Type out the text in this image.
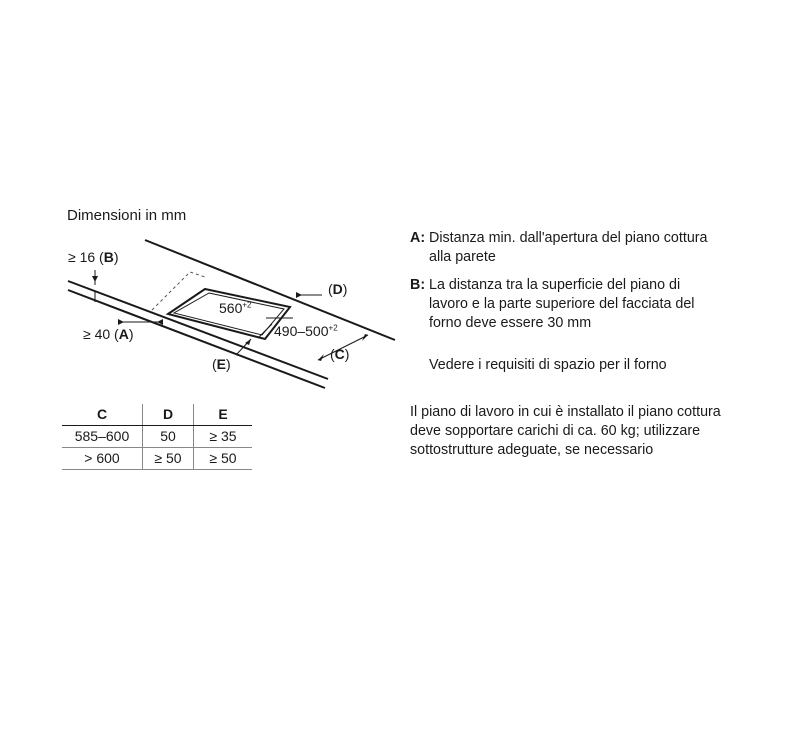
Dimensioni in mm
≥ 16 (B)
≥ 40 (A)
(D)
(C)
(E)
$560^{+2}$
$490-500^{+2}$
C	D	E
585–600	50	≥ 35
> 600	≥ 50	≥ 50
A: Distanza min. dall'apertura del piano cottura alla parete
B: La distanza tra la superficie del piano di lavoro e la parte superiore del facciata del forno deve essere 30 mm
Vedere i requisiti di spazio per il forno
Il piano di lavoro in cui è installato il piano cottura deve sopportare carichi di ca. 60 kg; utilizzare sottostrutture adeguate, se necessario
